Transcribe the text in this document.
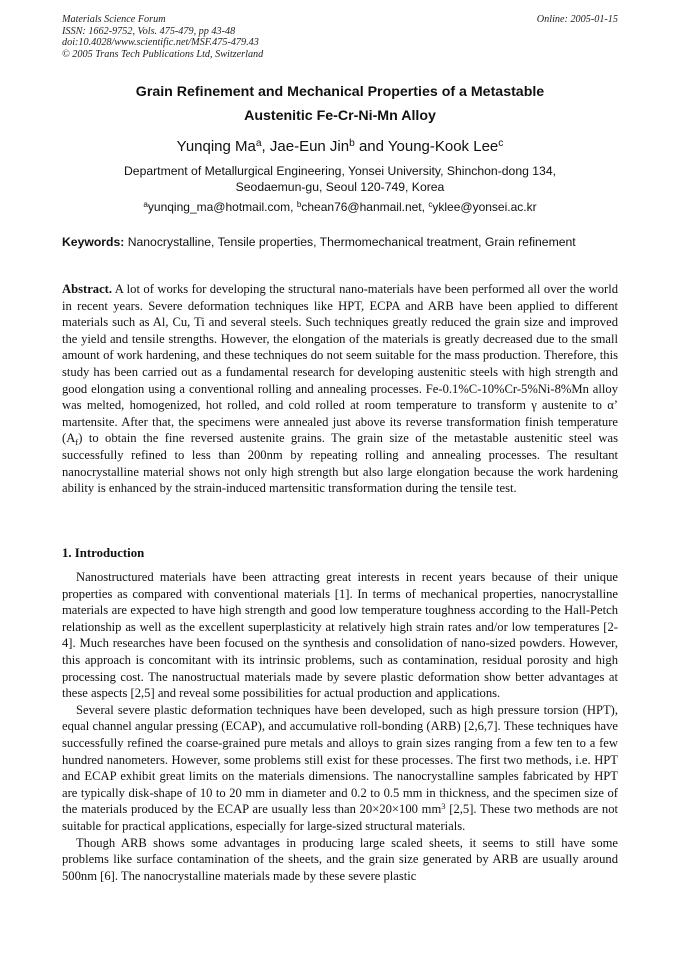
Materials Science Forum
ISSN: 1662-9752, Vols. 475-479, pp 43-48
doi:10.4028/www.scientific.net/MSF.475-479.43
© 2005 Trans Tech Publications Ltd, Switzerland
Online: 2005-01-15
Grain Refinement and Mechanical Properties of a Metastable
Austenitic Fe-Cr-Ni-Mn Alloy
Yunqing Ma$^a$, Jae-Eun Jin$^b$ and Young-Kook Lee$^c$
Department of Metallurgical Engineering, Yonsei University, Shinchon-dong 134,
Seodaemun-gu, Seoul 120-749, Korea
$^a$yunqing_ma@hotmail.com, $^b$chean76@hanmail.net, $^c$yklee@yonsei.ac.kr
Keywords: Nanocrystalline, Tensile properties, Thermomechanical treatment, Grain refinement
Abstract. A lot of works for developing the structural nano-materials have been performed all over the world in recent years. Severe deformation techniques like HPT, ECPA and ARB have been applied to different materials such as Al, Cu, Ti and several steels. Such techniques greatly reduced the grain size and improved the yield and tensile strengths. However, the elongation of the materials is greatly decreased due to the small amount of work hardening, and these techniques do not seem suitable for the mass production. Therefore, this study has been carried out as a fundamental research for developing austenitic steels with high strength and good elongation using a conventional rolling and annealing processes. Fe-0.1%C-10%Cr-5%Ni-8%Mn alloy was melted, homogenized, hot rolled, and cold rolled at room temperature to transform γ austenite to α’ martensite. After that, the specimens were annealed just above its reverse transformation finish temperature $(A_f)$ to obtain the fine reversed austenite grains. The grain size of the metastable austenitic steel was successfully refined to less than 200nm by repeating rolling and annealing processes. The resultant nanocrystalline material shows not only high strength but also large elongation because the work hardening ability is enhanced by the strain-induced martensitic transformation during the tensile test.
1. Introduction

Nanostructured materials have been attracting great interests in recent years because of their unique properties as compared with conventional materials [1]. In terms of mechanical properties, nanocrystalline materials are expected to have high strength and good low temperature toughness according to the Hall-Petch relationship as well as the excellent superplasticity at relatively high strain rates and/or low temperatures [2-4]. Much researches have been focused on the synthesis and consolidation of nano-sized powders. However, this approach is concomitant with its intrinsic problems, such as contamination, residual porosity and high processing cost. The nanostructual materials made by severe plastic deformation show better advantages at these aspects [2,5] and reveal some possibilities for actual production and applications.

Several severe plastic deformation techniques have been developed, such as high pressure torsion (HPT), equal channel angular pressing (ECAP), and accumulative roll-bonding (ARB) [2,6,7]. These techniques have successfully refined the coarse-grained pure metals and alloys to grain sizes ranging from a few ten to a few hundred nanometers. However, some problems still exist for these processes. The first two methods, i.e. HPT and ECAP exhibit great limits on the materials dimensions. The nanocrystalline samples fabricated by HPT are typically disk-shape of 10 to 20 mm in diameter and 0.2 to 0.5 mm in thickness, and the specimen size of the materials produced by the ECAP are usually less than 20×20×100 $mm^3$ [2,5]. These two methods are not suitable for practical applications, especially for large-sized structural materials.

Though ARB shows some advantages in producing large scaled sheets, it seems to still have some problems like surface contamination of the sheets, and the grain size generated by ARB are usually around 500nm [6]. The nanocrystalline materials made by these severe plastic
